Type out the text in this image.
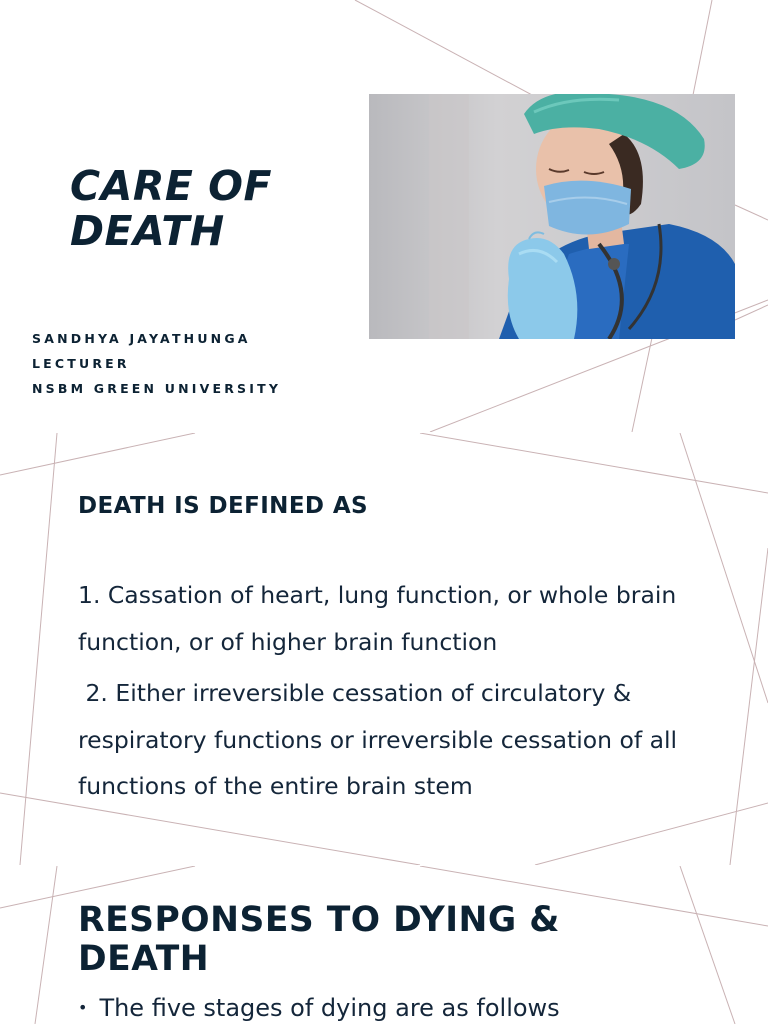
CARE OF
DEATH
SANDHYA JAYATHUNGA
LECTURER
NSBM GREEN UNIVERSITY
DEATH IS DEFINED AS
1. Cassation of heart, lung function, or whole brain function, or of higher brain function
2. Either irreversible cessation of circulatory & respiratory functions or irreversible cessation of all functions of the entire brain stem
RESPONSES TO DYING &
DEATH
• The five stages of dying are as follows
